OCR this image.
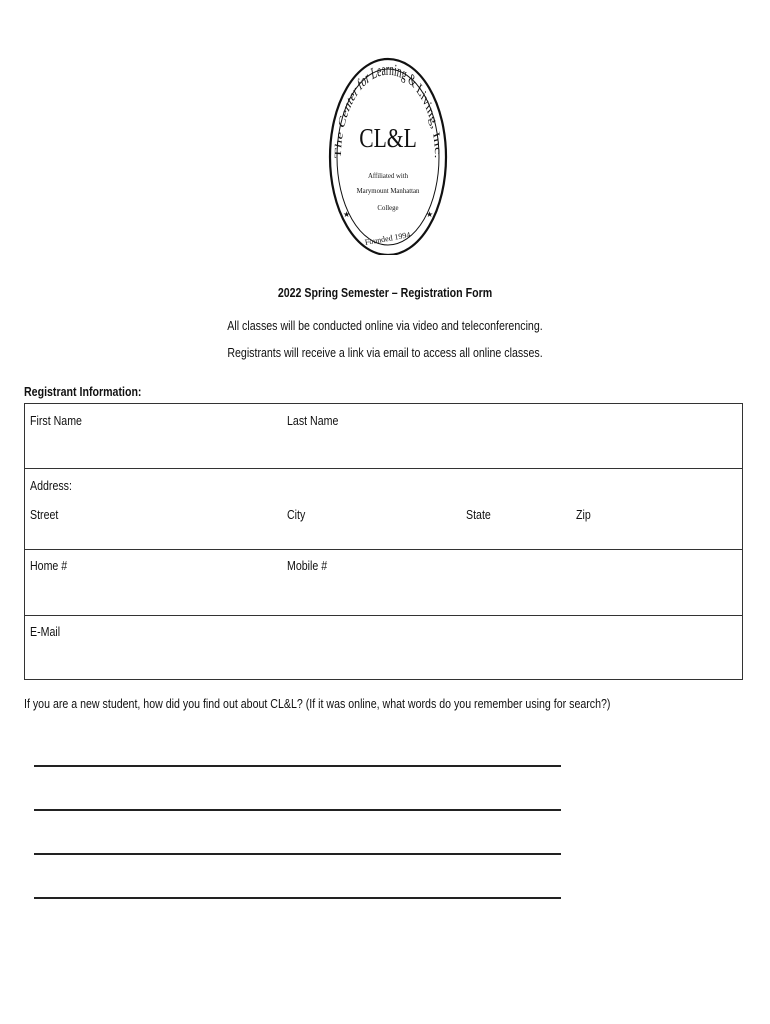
The Center for Learning & Living, Inc.
CL&L
Affiliated with
Marymount Manhattan
College
★	★
Founded 1994
2022 Spring Semester – Registration Form
All classes will be conducted online via video and teleconferencing.
Registrants will receive a link via email to access all online classes.
Registrant Information:
First Name	Last Name
Address:
Street	City	State	Zip
Home #	Mobile #
E-Mail
If you are a new student, how did you find out about CL&L? (If it was online, what words do you remember using for search?)
